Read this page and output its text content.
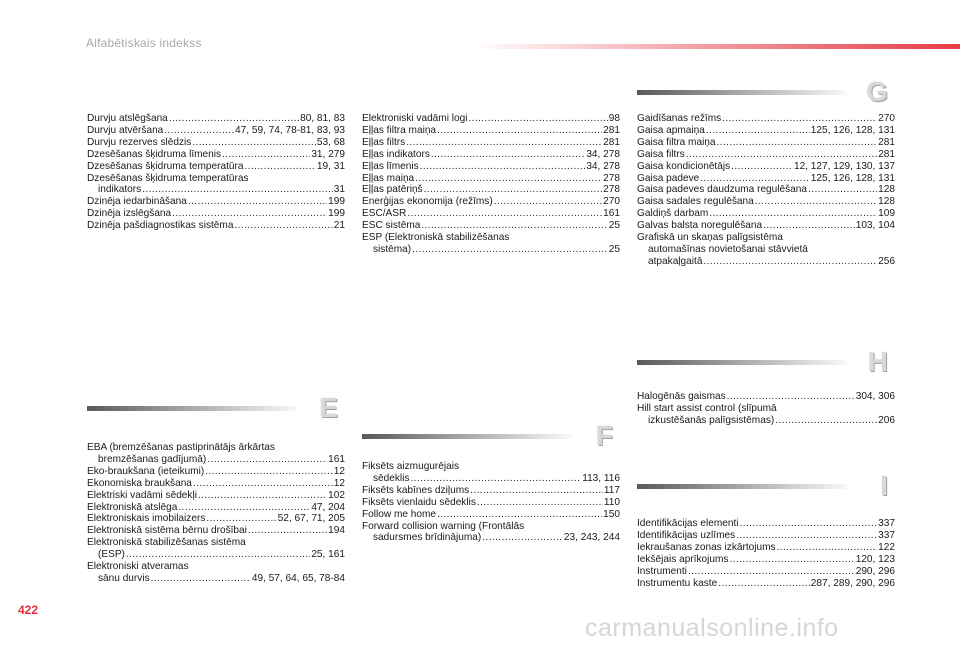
Alfabētiskais indekss
Durvju atslēgšana .....	80, 81, 83
Durvju atvēršana .....	47, 59, 74, 78-81, 83, 93
Durvju rezerves slēdzis .....	53, 68
Dzesēšanas šķidruma līmenis .....	31, 279
Dzesēšanas šķidruma temperatūra .....	19, 31
Dzesēšanas šķidruma temperatūras
indikators .....	31
Dzinēja iedarbināšana .....	199
Dzinēja izslēgšana .....	199
Dzinēja pašdiagnostikas sistēma .....	21
E
EBA (bremzēšanas pastiprinātājs ārkārtas
bremzēšanas gadījumā) .....	161
Eko-braukšana (ieteikumi) .....	12
Ekonomiska braukšana .....	12
Elektriski vadāmi sēdekļi .....	102
Elektroniskā atslēga .....	47, 204
Elektroniskais imobilaizers .....	52, 67, 71, 205
Elektroniskā sistēma bērnu drošībai .....	194
Elektroniskā stabilizēšanas sistēma
(ESP) .....	25, 161
Elektroniski atveramas
sānu durvis .....	49, 57, 64, 65, 78-84
Elektroniski vadāmi logi .....	98
Eļļas filtra maiņa .....	281
Eļļas filtrs .....	281
Eļļas indikators .....	34, 278
Eļļas līmenis .....	34, 278
Eļļas maiņa .....	278
Eļļas patēriņš .....	278
Enerģijas ekonomija (režīms) .....	270
ESC/ASR .....	161
ESC sistēma .....	25
ESP (Elektroniskā stabilizēšanas
sistēma) .....	25
F
Fiksēts aizmugurējais
sēdeklis .....	113, 116
Fiksēts kabīnes dziļums .....	117
Fiksēts vienlaidu sēdeklis .....	110
Follow me home .....	150
Forward collision warning (Frontālās
sadursmes brīdinājuma) .....	23, 243, 244
G
Gaidīšanas režīms .....	270
Gaisa apmaiņa .....	125, 126, 128, 131
Gaisa filtra maiņa .....	281
Gaisa filtrs .....	281
Gaisa kondicionētājs .....	12, 127, 129, 130, 137
Gaisa padeve .....	125, 126, 128, 131
Gaisa padeves daudzuma regulēšana .....	128
Gaisa sadales regulēšana .....	128
Galdiņš darbam .....	109
Galvas balsta noregulēšana .....	103, 104
Grafiskā un skaņas palīgsistēma
automašīnas novietošanai stāvvietā
atpakaļgaitā .....	256
H
Halogēnās gaismas .....	304, 306
Hill start assist control (slīpumā
izkustēšanās palīgsistēmas) .....	206
I
Identifikācijas elementi .....	337
Identifikācijas uzlīmes .....	337
Iekraušanas zonas izkārtojums .....	122
Iekšējais aprīkojums .....	120, 123
Instrumenti .....	290, 296
Instrumentu kaste .....	287, 289, 290, 296
422
carmanualsonline.info
